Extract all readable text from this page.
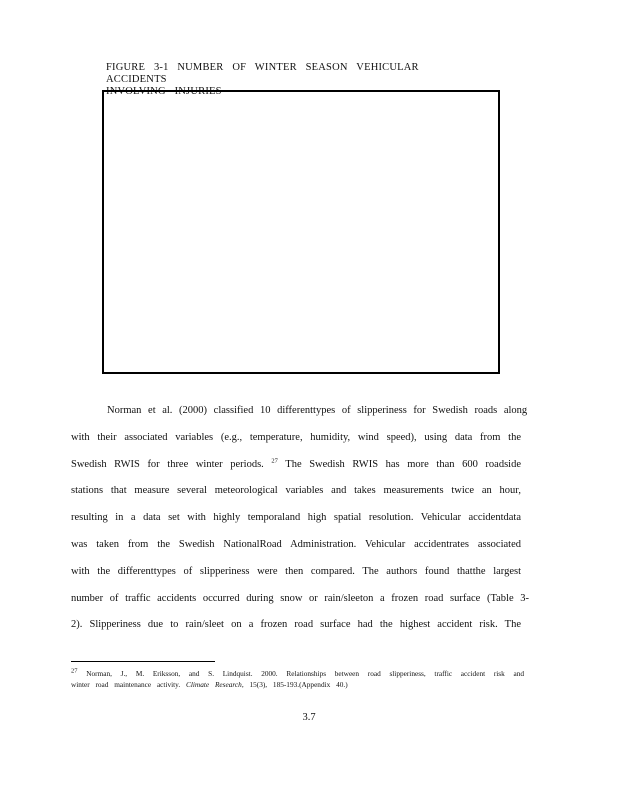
FIGURE 3-1 NUMBER OF WINTER SEASON VEHICULAR ACCIDENTS
INVOLVING INJURIES
Norman et al. (2000) classified 10 differenttypes of slipperiness for Swedish roads along
with their associated variables (e.g., temperature, humidity, wind speed), using data from the
Swedish RWIS for three winter periods. $^{27}$ The Swedish RWIS has more than 600 roadside
stations that measure several meteorological variables and takes measurements twice an hour,
resulting in a data set with highly temporaland high spatial resolution. Vehicular accidentdata
was taken from the Swedish NationalRoad Administration. Vehicular accidentrates associated
with the differenttypes of slipperiness were then compared. The authors found thatthe largest
number of traffic accidents occurred during snow or rain/sleeton a frozen road surface (Table 3-
2). Slipperiness due to rain/sleet on a frozen road surface had the highest accident risk. The
$^{27}$ Norman, J., M. Eriksson, and S. Lindquist. 2000. Relationships between road slipperiness, traffic accident risk and
winter road maintenance activity. Climate Research, 15(3), 185-193.(Appendix 40.)
3.7
